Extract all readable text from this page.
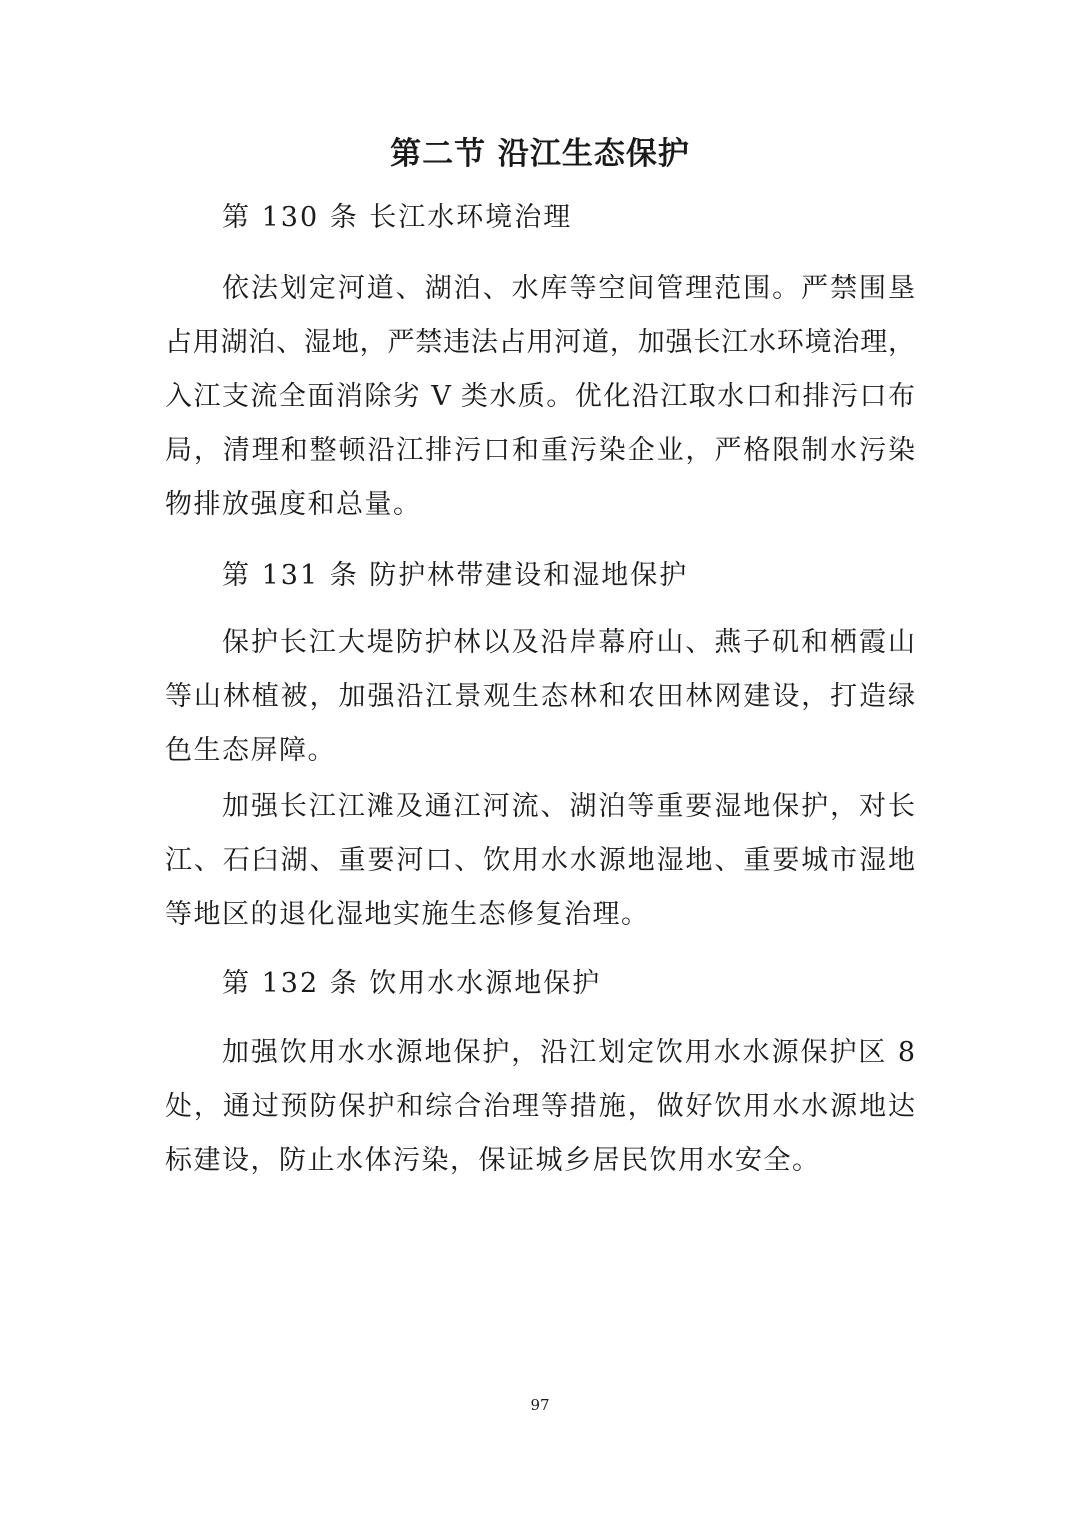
第二节 沿江生态保护
第 130 条 长江水环境治理
依法划定河道、湖泊、水库等空间管理范围。严禁围垦
占用湖泊、湿地，严禁违法占用河道，加强长江水环境治理，
入江支流全面消除劣 V 类水质。优化沿江取水口和排污口布
局，清理和整顿沿江排污口和重污染企业，严格限制水污染
物排放强度和总量。
第 131 条 防护林带建设和湿地保护
保护长江大堤防护林以及沿岸幕府山、燕子矶和栖霞山
等山林植被，加强沿江景观生态林和农田林网建设，打造绿
色生态屏障。
加强长江江滩及通江河流、湖泊等重要湿地保护，对长
江、石臼湖、重要河口、饮用水水源地湿地、重要城市湿地
等地区的退化湿地实施生态修复治理。
第 132 条 饮用水水源地保护
加强饮用水水源地保护，沿江划定饮用水水源保护区 8
处，通过预防保护和综合治理等措施，做好饮用水水源地达
标建设，防止水体污染，保证城乡居民饮用水安全。
97
